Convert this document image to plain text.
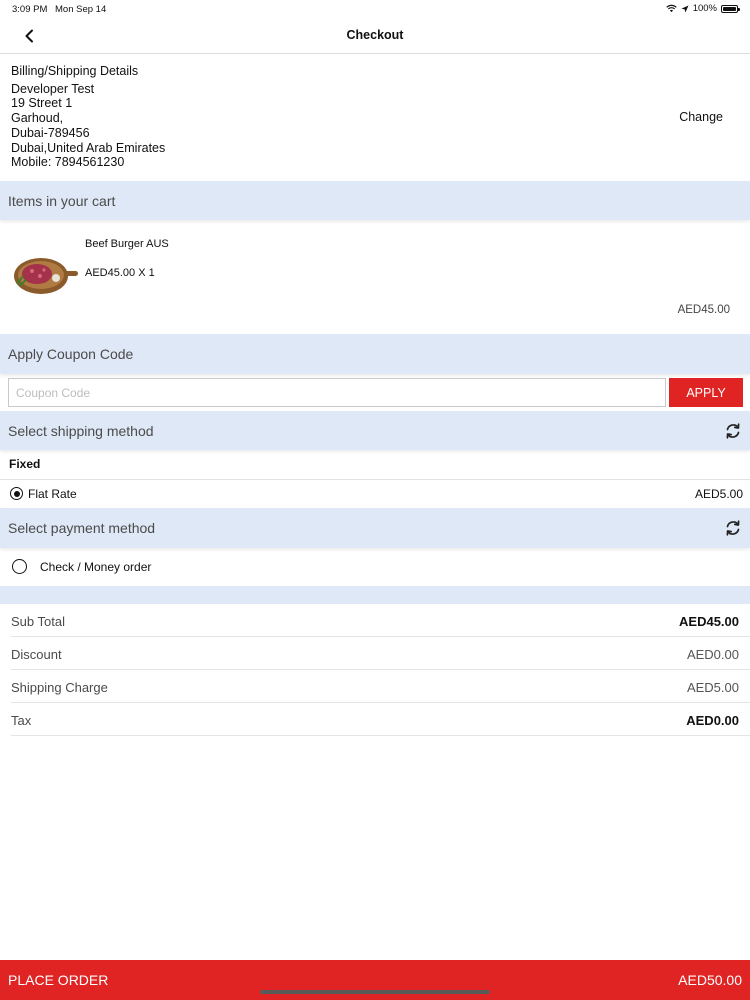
3:09 PM Mon Sep 14	100%
Checkout
Billing/Shipping Details
Developer Test
19 Street 1
Garhoud,
Dubai-789456
Dubai,United Arab Emirates
Mobile: 7894561230
Change
Items in your cart
Beef Burger AUS
AED45.00 X 1
AED45.00
Apply Coupon Code
Coupon Code
APPLY
Select shipping method
Fixed
Flat Rate	AED5.00
Select payment method
Check / Money order
Sub Total	AED45.00
Discount	AED0.00
Shipping Charge	AED5.00
Tax	AED0.00
PLACE ORDER	AED50.00
